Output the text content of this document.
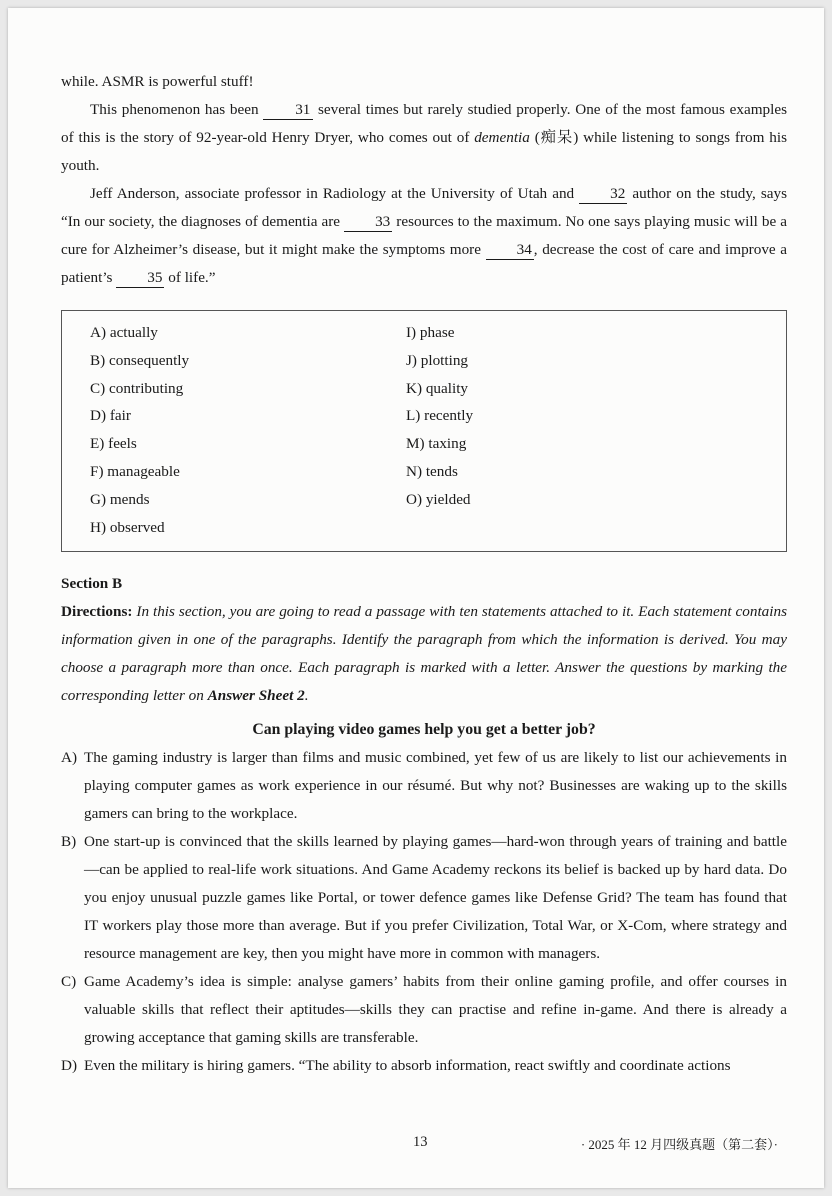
while. ASMR is powerful stuff!

This phenomenon has been 31 several times but rarely studied properly. One of the most famous examples of this is the story of 92-year-old Henry Dryer, who comes out of dementia (痴呆) while listening to songs from his youth.

Jeff Anderson, associate professor in Radiology at the University of Utah and 32 author on the study, says “In our society, the diagnoses of dementia are 33 resources to the maximum. No one says playing music will be a cure for Alzheimer’s disease, but it might make the symptoms more 34 , decrease the cost of care and improve a patient’s 35 of life.”

A) actually
B) consequently
C) contributing
D) fair
E) feels
F) manageable
G) mends
H) observed
I) phase
J) plotting
K) quality
L) recently
M) taxing
N) tends
O) yielded

Section B

Directions: In this section, you are going to read a passage with ten statements attached to it. Each statement contains information given in one of the paragraphs. Identify the paragraph from which the information is derived. You may choose a paragraph more than once. Each paragraph is marked with a letter. Answer the questions by marking the corresponding letter on Answer Sheet 2.

Can playing video games help you get a better job?

A) The gaming industry is larger than films and music combined, yet few of us are likely to list our achievements in playing computer games as work experience in our résumé. But why not? Businesses are waking up to the skills gamers can bring to the workplace.
B) One start-up is convinced that the skills learned by playing games—hard-won through years of training and battle—can be applied to real-life work situations. And Game Academy reckons its belief is backed up by hard data. Do you enjoy unusual puzzle games like Portal, or tower defence games like Defense Grid? The team has found that IT workers play those more than average. But if you prefer Civilization, Total War, or X-Com, where strategy and resource management are key, then you might have more in common with managers.
C) Game Academy’s idea is simple: analyse gamers’ habits from their online gaming profile, and offer courses in valuable skills that reflect their aptitudes—skills they can practise and refine in-game. And there is already a growing acceptance that gaming skills are transferable.
D) Even the military is hiring gamers. “The ability to absorb information, react swiftly and coordinate actions
13	· 2025 年 12 月四级真题（第二套）·
